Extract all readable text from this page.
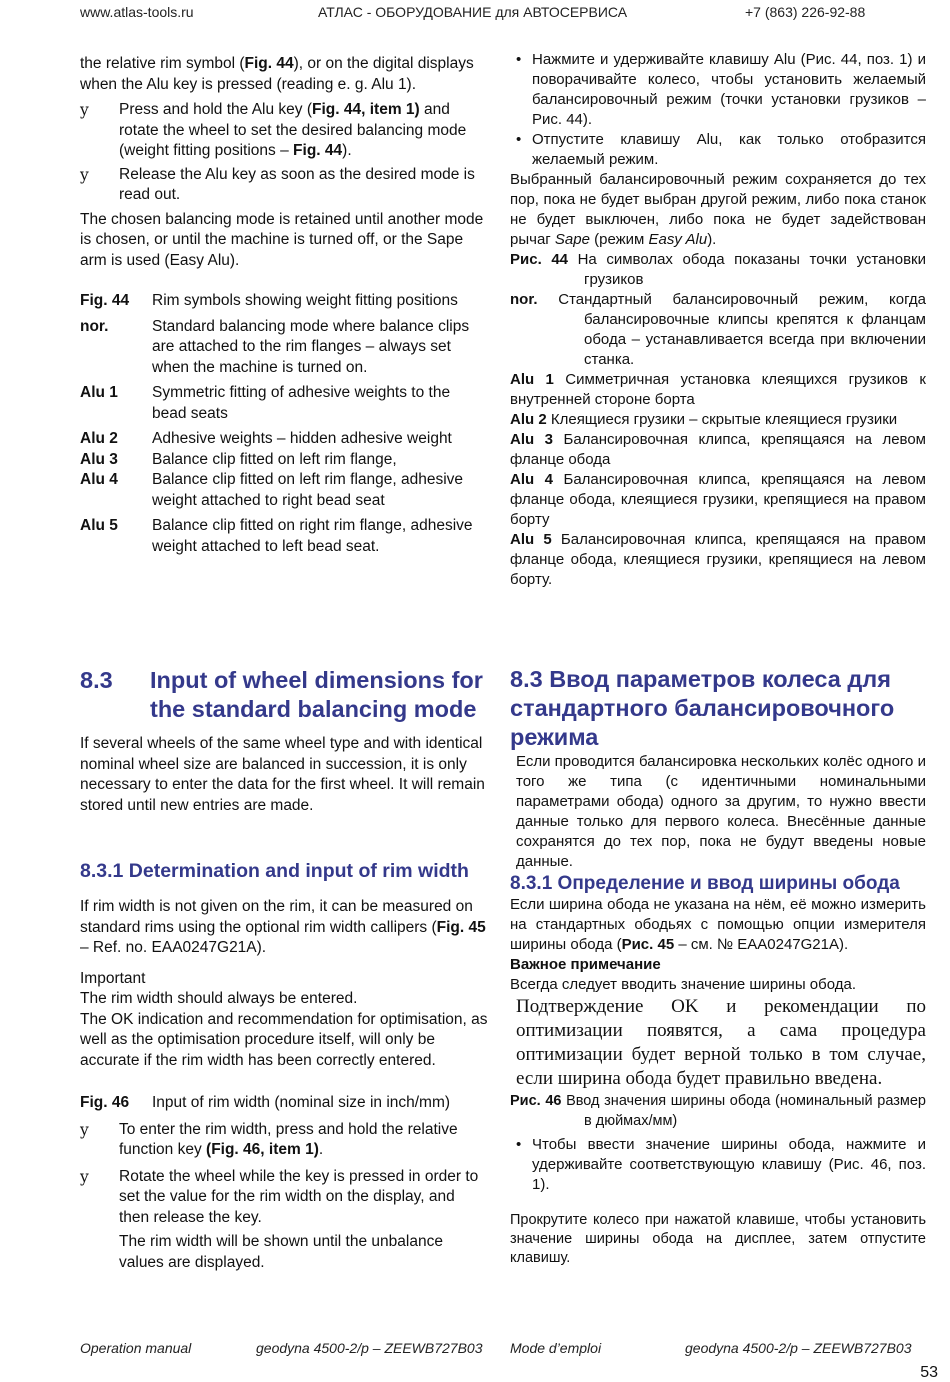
www.atlas-tools.ru	АТЛАС - ОБОРУДОВАНИЕ для АВТОСЕРВИСА	+7 (863) 226-92-88

the relative rim symbol (Fig. 44), or on the digital displays when the Alu key is pressed (reading e. g. Alu 1).

y Press and hold the Alu key (Fig. 44, item 1) and rotate the wheel to set the desired balancing mode (weight fitting positions – Fig. 44).
y Release the Alu key as soon as the desired mode is read out.

The chosen balancing mode is retained until another mode is chosen, or until the machine is turned off, or the Sape arm is used (Easy Alu).

Fig. 44 Rim symbols showing weight fitting positions
nor.	Standard balancing mode where balance clips are attached to the rim flanges – always set when the machine is turned on.
Alu 1 Symmetric fitting of adhesive weights to the bead seats
Alu 2 Adhesive weights – hidden adhesive weight
Alu 3 Balance clip fitted on left rim flange,
Alu 4 Balance clip fitted on left rim flange, adhesive weight attached to right bead seat
Alu 5 Balance clip fitted on right rim flange, adhesive weight attached to left bead seat.
• Нажмите и удерживайте клавишу Alu (Рис. 44, поз. 1) и поворачивайте колесо, чтобы установить желаемый балансировочный режим (точки установки грузиков – Рис. 44).
• Отпустите клавишу Alu, как только отобразится желаемый режим.

Выбранный балансировочный режим сохраняется до тех пор, пока не будет выбран другой режим, либо пока станок не будет выключен, либо пока не будет задействован рычаг Sape (режим Easy Alu).

Рис. 44 На символах обода показаны точки установки грузиков

nor. Стандартный балансировочный режим, когда балансировочные клипсы крепятся к фланцам обода – устанавливается всегда при включении станка.

Alu 1 Симметричная установка клеящихся грузиков к внутренней стороне борта

Alu 2 Клеящиеся грузики – скрытые клеящиеся грузики

Alu 3 Балансировочная клипса, крепящаяся на левом фланце обода

Alu 4 Балансировочная клипса, крепящаяся на левом фланце обода, клеящиеся грузики, крепящиеся на правом борту

Alu 5 Балансировочная клипса, крепящаяся на правом фланце обода, клеящиеся грузики, крепящиеся на левом борту.

8.3 Input of wheel dimensions for the standard balancing mode

If several wheels of the same wheel type and with identical nominal wheel size are balanced in succession, it is only necessary to enter the data for the first wheel. It will remain stored until new entries are made.

8.3.1 Determination and input of rim width

If rim width is not given on the rim, it can be measured on standard rims using the optional rim width callipers (Fig. 45 – Ref. no. EAA0247G21A).

Important

The rim width should always be entered.

The OK indication and recommendation for optimisation, as well as the optimisation procedure itself, will only be accurate if the rim width has been correctly entered.

Fig. 46 Input of rim width (nominal size in inch/mm)
y To enter the rim width, press and hold the relative function key (Fig. 46, item 1).
y Rotate the wheel while the key is pressed in order to set the value for the rim width on the display, and then release the key.

The rim width will be shown until the unbalance values are displayed.

8.3 Ввод параметров колеса для стандартного балансировочного режима

Если проводится балансировка нескольких колёс одного и того же типа (с идентичными номинальными параметрами обода) одного за другим, то нужно ввести данные только для первого колеса. Внесённые данные сохранятся до тех пор, пока не будут введены новые данные.

8.3.1 Определение и ввод ширины обода

Если ширина обода не указана на нём, её можно измерить на стандартных ободьях с помощью опции измерителя ширины обода (Рис. 45 – см. № EAA0247G21A).

Важное примечание

Всегда следует вводить значение ширины обода.

Подтверждение OK и рекомендации по оптимизации появятся, а сама процедура оптимизации будет верной только в том случае, если ширина обода будет правильно введена.

Рис. 46 Ввод значения ширины обода (номинальный размер в дюймах/мм)

• Чтобы ввести значение ширины обода, нажмите и удерживайте соответствующую клавишу (Рис. 46, поз. 1).

Прокрутите колесо при нажатой клавише, чтобы установить значение ширины обода на дисплее, затем отпустите клавишу.

Operation manual	geodyna 4500-2/p – ZEEWB727B03 Mode d’emploi	geodyna 4500-2/p – ZEEWB727B03
53
